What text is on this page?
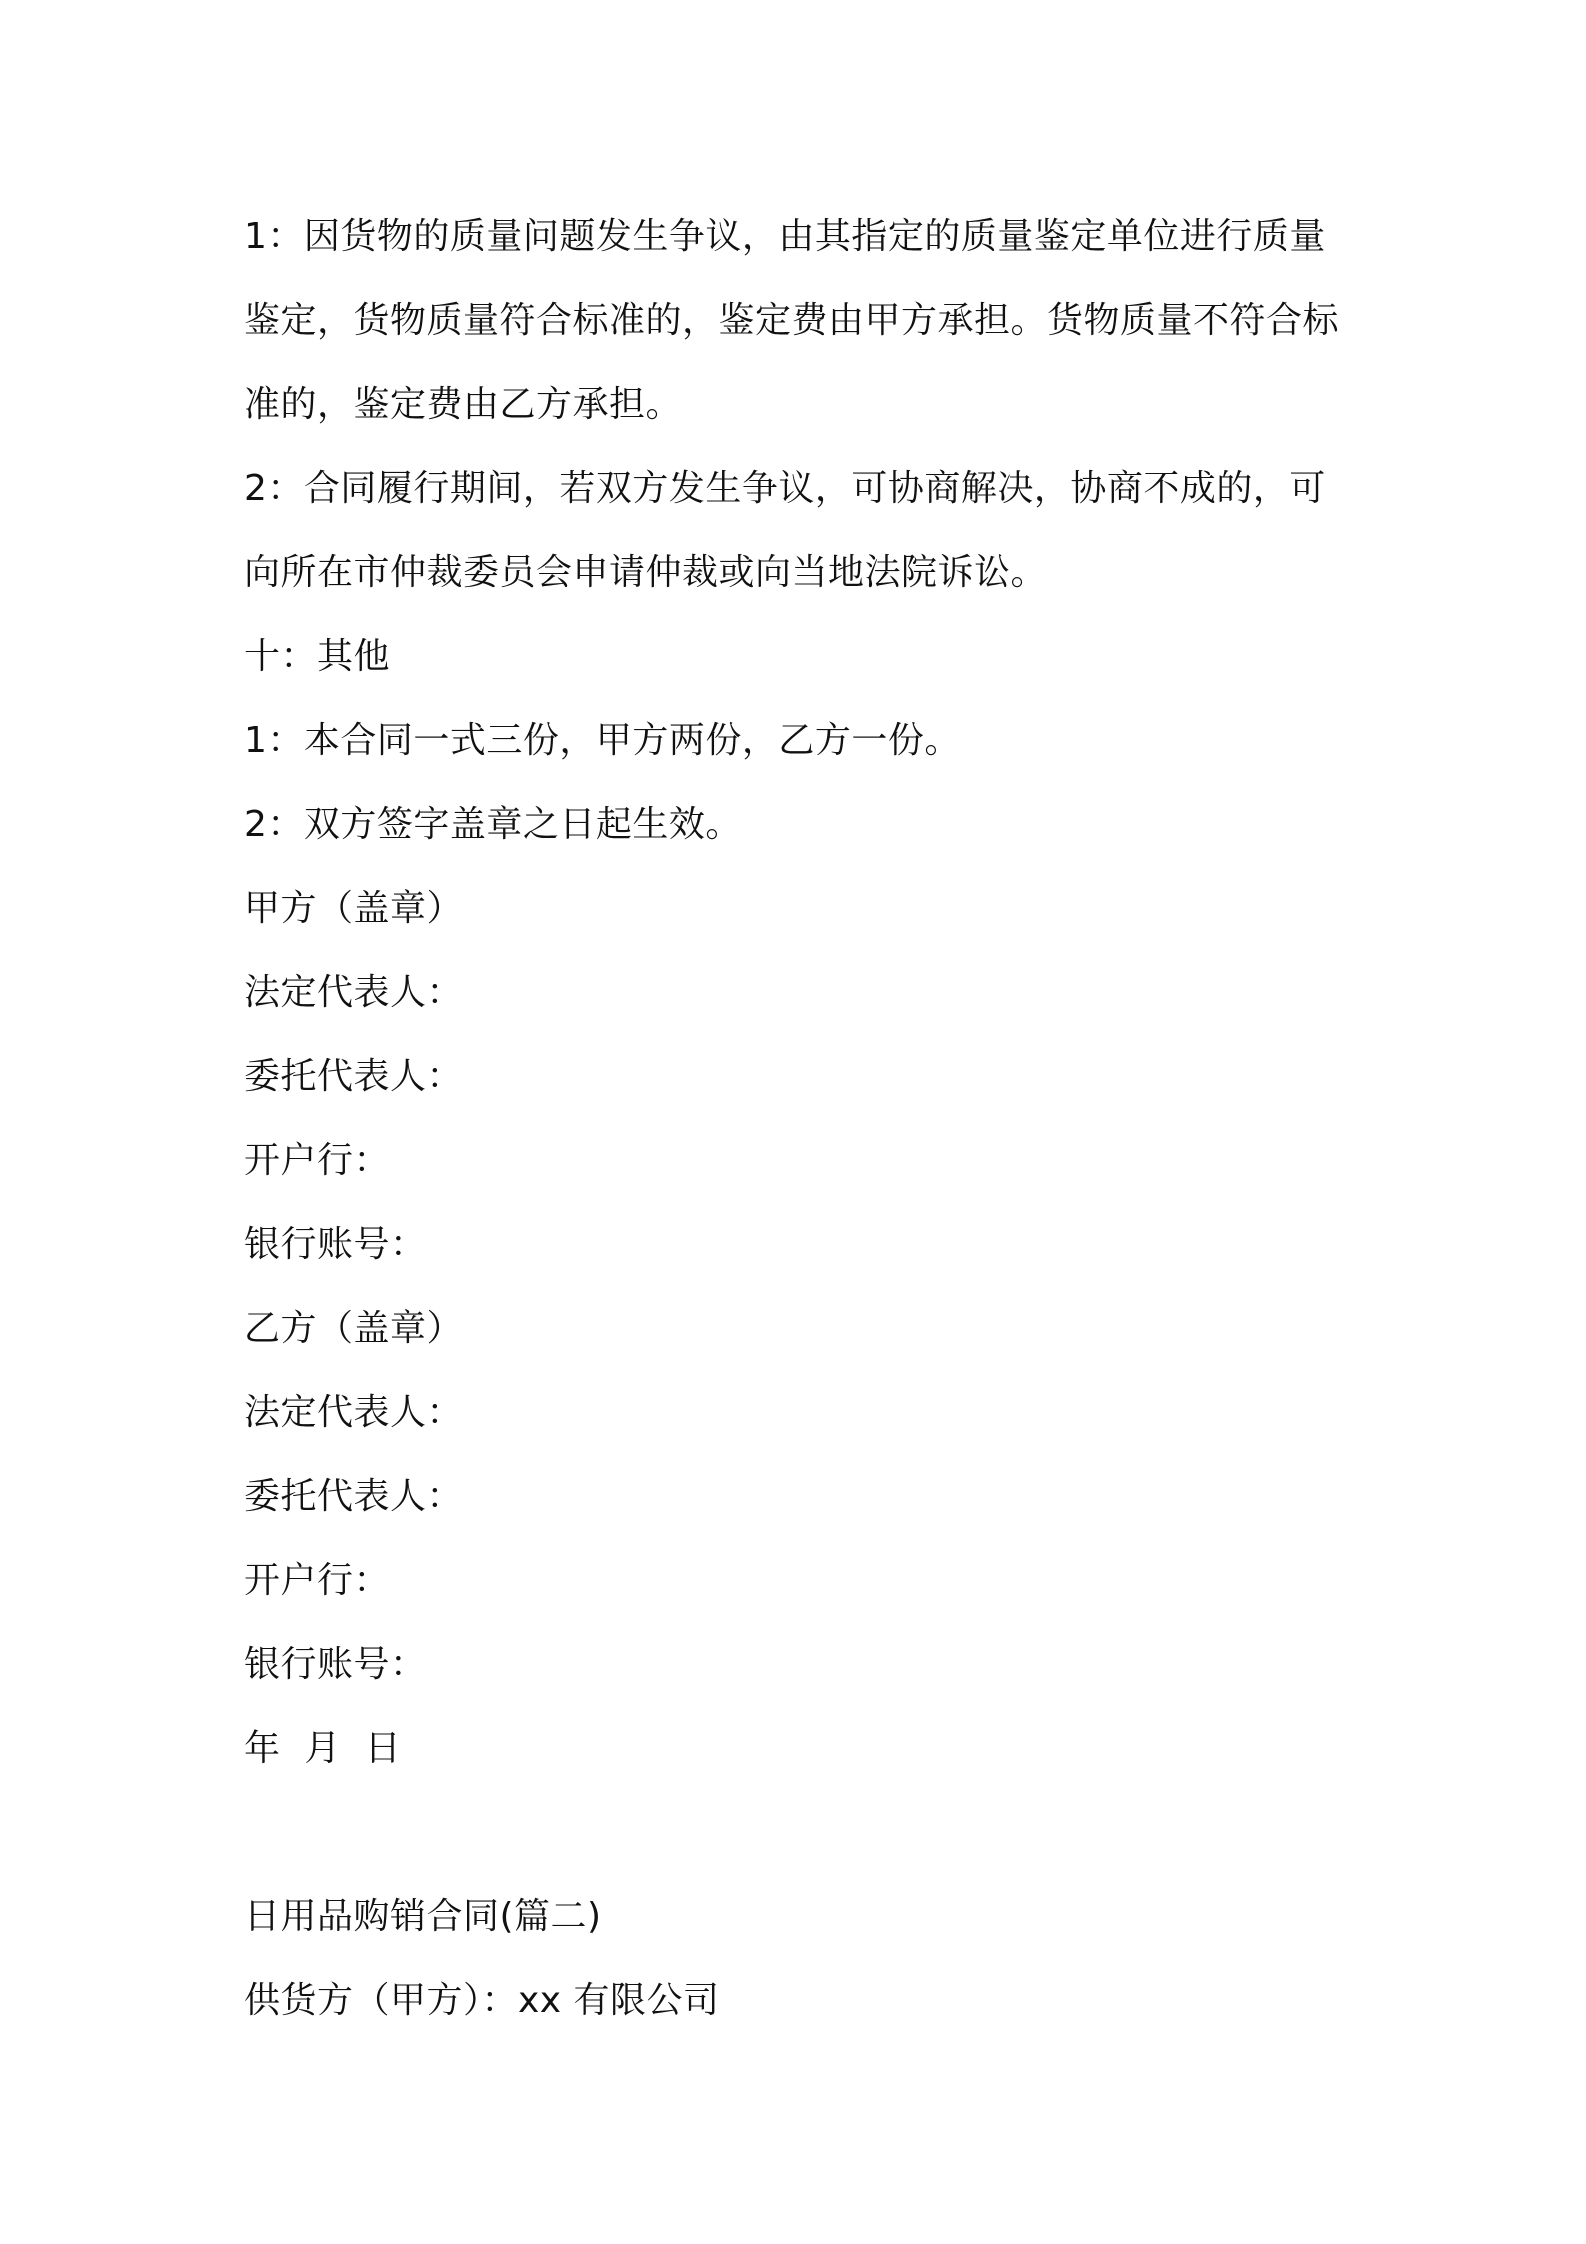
1：因货物的质量问题发生争议，由其指定的质量鉴定单位进行质量
鉴定，货物质量符合标准的，鉴定费由甲方承担。货物质量不符合标
准的，鉴定费由乙方承担。
2：合同履行期间，若双方发生争议，可协商解决，协商不成的，可
向所在市仲裁委员会申请仲裁或向当地法院诉讼。
十：其他
1：本合同一式三份，甲方两份，乙方一份。
2：双方签字盖章之日起生效。
甲方（盖章）
法定代表人：
委托代表人：
开户行：
银行账号：
乙方（盖章）
法定代表人：
委托代表人：
开户行：
银行账号：
年  月  日
日用品购销合同(篇二)
供货方（甲方）：xx 有限公司
